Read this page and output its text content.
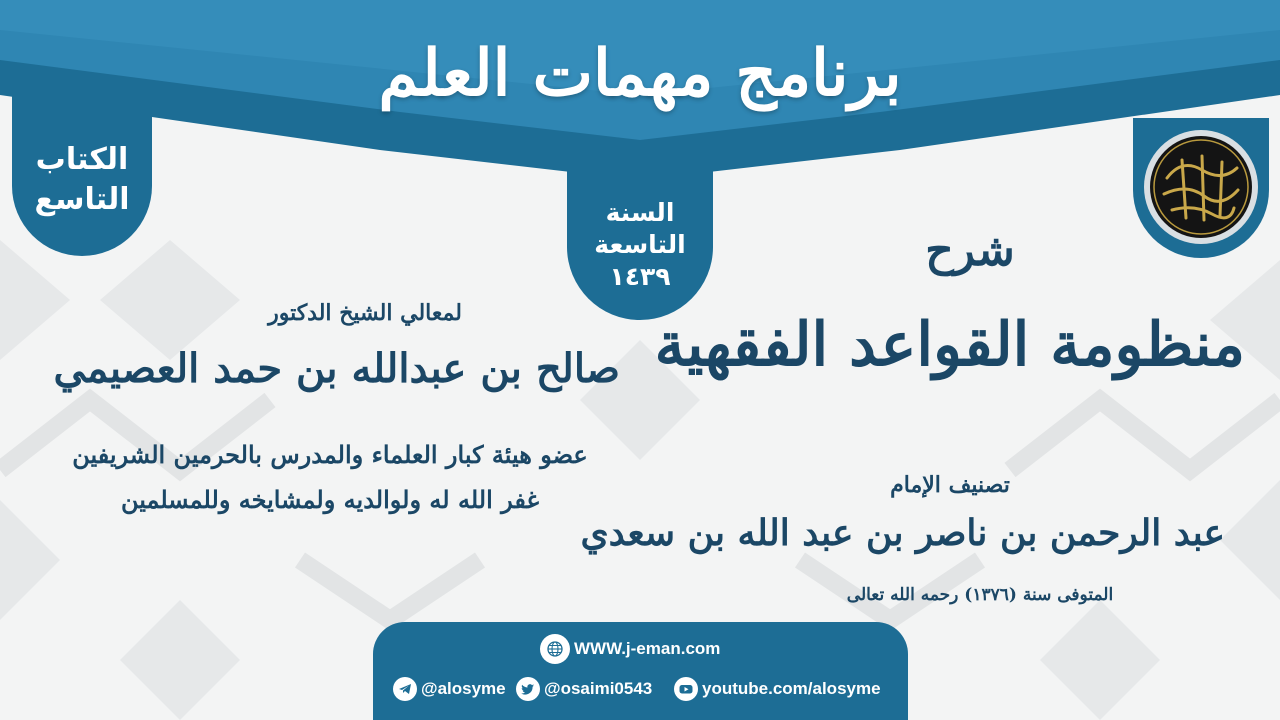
برنامج مهمات العلم
الكتاب
التاسع	السنة
التاسعة
١٤٣٩	شرح
منظومة القواعد الفقهية
تصنيف الإمام
عبد الرحمن بن ناصر بن عبد الله بن سعدي
المتوفى سنة (١٣٧٦) رحمه الله تعالى
لمعالي الشيخ الدكتور
صالح بن عبدالله بن حمد العصيمي
عضو هيئة كبار العلماء والمدرس بالحرمين الشريفين
غفر الله له ولوالديه ولمشايخه وللمسلمين
WWW.j-eman.com
@alosyme @osaimi0543	youtube.com/alosyme
